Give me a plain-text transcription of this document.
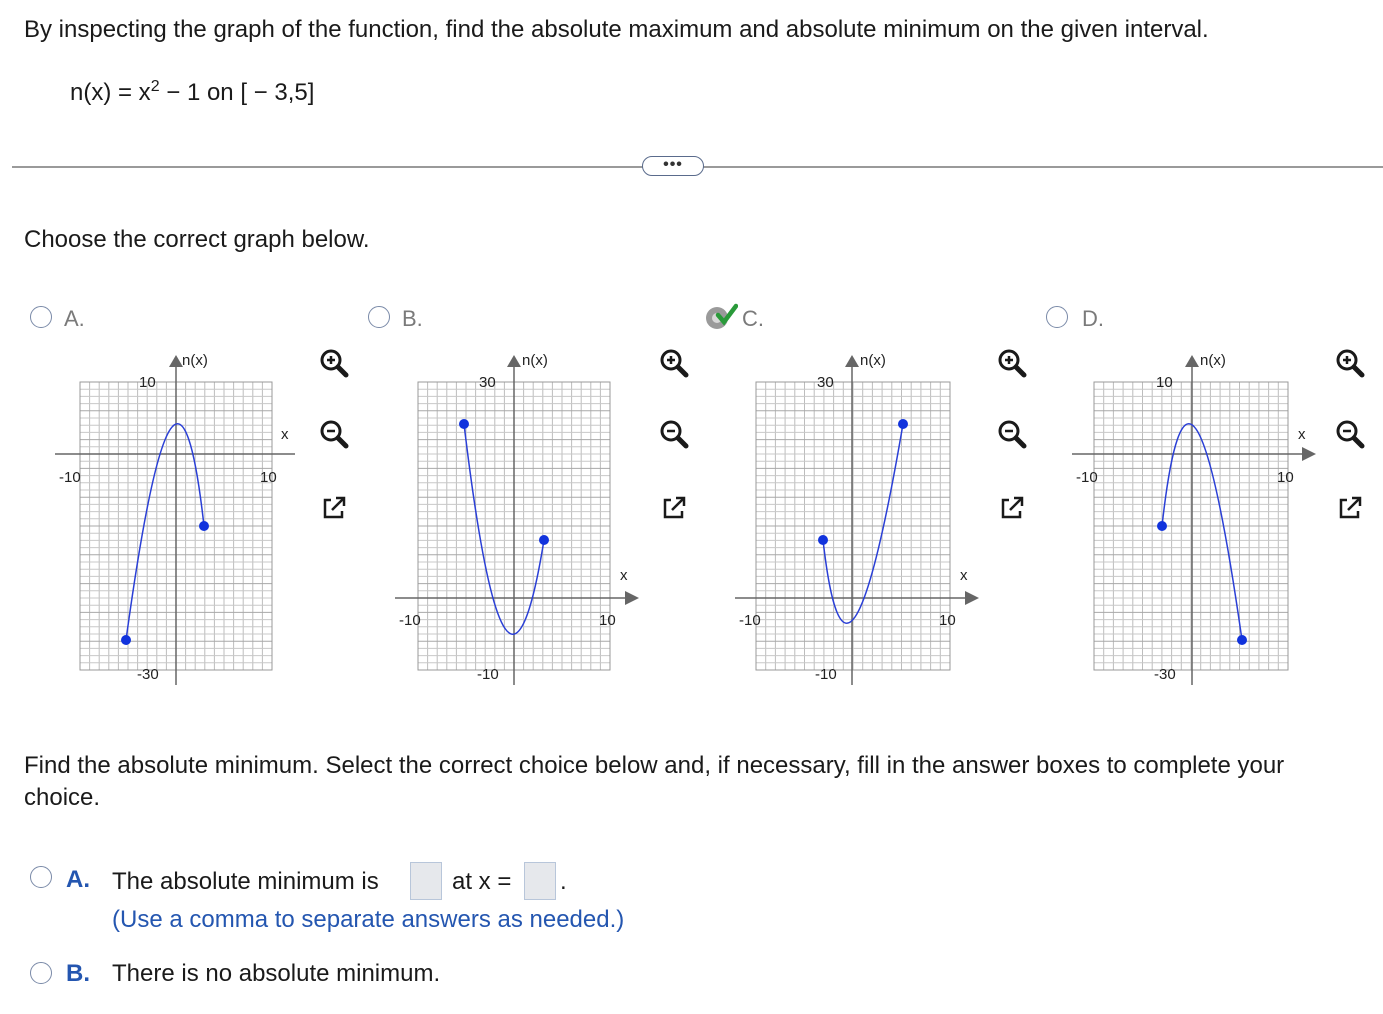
By inspecting the graph of the function, find the absolute maximum and absolute minimum on the given interval.
$n(x) = x^2 - 1$ on [ − 3,5]
•••
Choose the correct graph below.
A.	B.	C.	D.
n(x)
x
-10	10
10
-30
n(x)
x
-10	10
30
-10
n(x)
x
-10	10
30
-10
n(x)
x
-10	10
10
-30
Find the absolute minimum. Select the correct choice below and, if necessary, fill in the answer boxes to complete your choice.
A. The absolute minimum is	at x = .
(Use a comma to separate answers as needed.)
B. There is no absolute minimum.
